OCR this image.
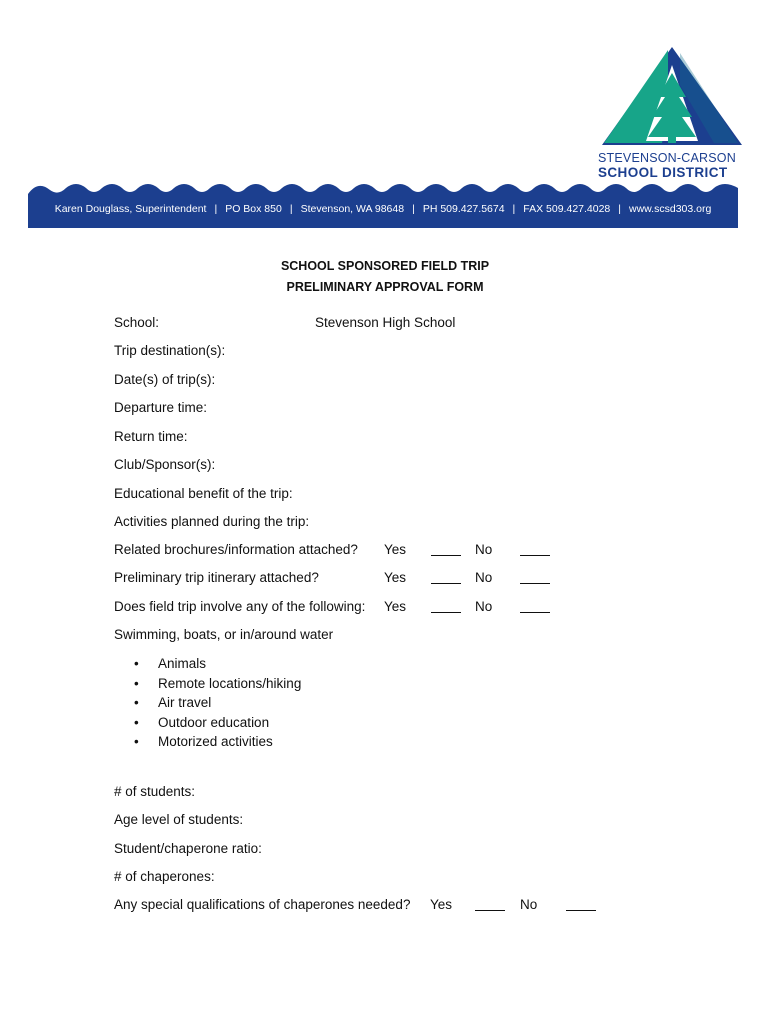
STEVENSON-CARSON
SCHOOL DISTRICT
Karen Douglass, Superintendent | PO Box 850 | Stevenson, WA 98648 | PH 509.427.5674 | FAX 509.427.4028 | www.scsd303.org
SCHOOL SPONSORED FIELD TRIP
PRELIMINARY APPROVAL FORM
School:	Stevenson High School
Trip destination(s):
Date(s) of trip(s):
Departure time:
Return time:
Club/Sponsor(s):
Educational benefit of the trip:
Activities planned during the trip:
Related brochures/information attached? Yes	No
Preliminary trip itinerary attached?	Yes	No
Does field trip involve any of the following: Yes	No
Swimming, boats, or in/around water
• Animals
• Remote locations/hiking
• Air travel
• Outdoor education
• Motorized activities
# of students:
Age level of students:
Student/chaperone ratio:
# of chaperones:
Any special qualifications of chaperones needed? Yes	No
